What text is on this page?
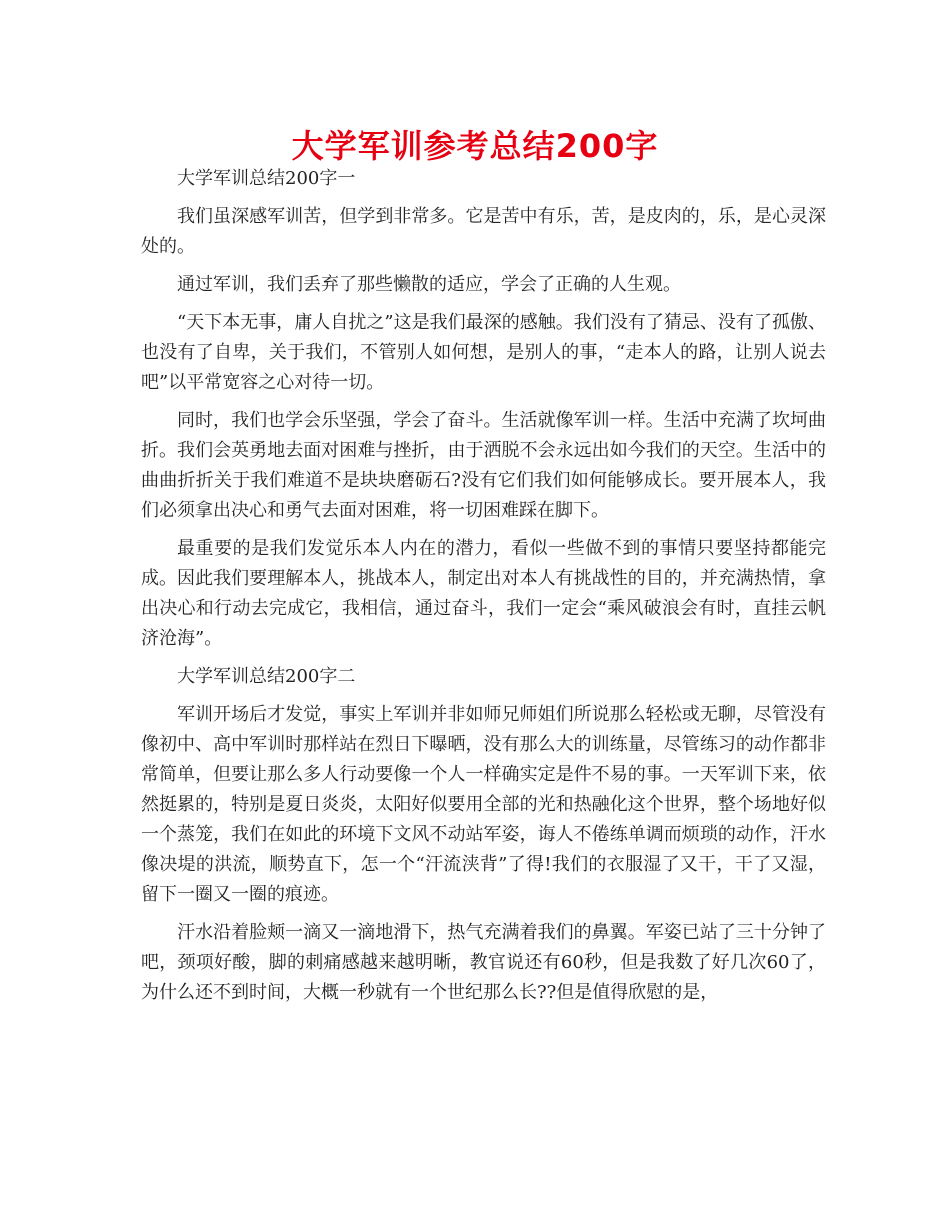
大学军训参考总结200字

大学军训总结200字一

我们虽深感军训苦，但学到非常多。它是苦中有乐，苦，是皮肉的，乐，是心灵深处的。

通过军训，我们丢弃了那些懒散的适应，学会了正确的人生观。

“天下本无事，庸人自扰之”这是我们最深的感触。我们没有了猜忌、没有了孤傲、也没有了自卑，关于我们，不管别人如何想，是别人的事，“走本人的路，让别人说去吧”以平常宽容之心对待一切。

同时，我们也学会乐坚强，学会了奋斗。生活就像军训一样。生活中充满了坎坷曲折。我们会英勇地去面对困难与挫折，由于洒脱不会永远出如今我们的天空。生活中的曲曲折折关于我们难道不是块块磨砺石?没有它们我们如何能够成长。要开展本人，我们必须拿出决心和勇气去面对困难，将一切困难踩在脚下。

最重要的是我们发觉乐本人内在的潜力，看似一些做不到的事情只要坚持都能完成。因此我们要理解本人，挑战本人，制定出对本人有挑战性的目的，并充满热情，拿出决心和行动去完成它，我相信，通过奋斗，我们一定会“乘风破浪会有时，直挂云帆济沧海”。

大学军训总结200字二

军训开场后才发觉，事实上军训并非如师兄师姐们所说那么轻松或无聊，尽管没有像初中、高中军训时那样站在烈日下曝晒，没有那么大的训练量，尽管练习的动作都非常简单，但要让那么多人行动要像一个人一样确实定是件不易的事。一天军训下来，依然挺累的，特别是夏日炎炎，太阳好似要用全部的光和热融化这个世界，整个场地好似一个蒸笼，我们在如此的环境下文风不动站军姿，诲人不倦练单调而烦琐的动作，汗水像决堤的洪流，顺势直下，怎一个“汗流浃背”了得!我们的衣服湿了又干，干了又湿，留下一圈又一圈的痕迹。

汗水沿着脸颊一滴又一滴地滑下，热气充满着我们的鼻翼。军姿已站了三十分钟了吧，颈项好酸，脚的刺痛感越来越明晰，教官说还有60秒，但是我数了好几次60了，为什么还不到时间，大概一秒就有一个世纪那么长??但是值得欣慰的是，
